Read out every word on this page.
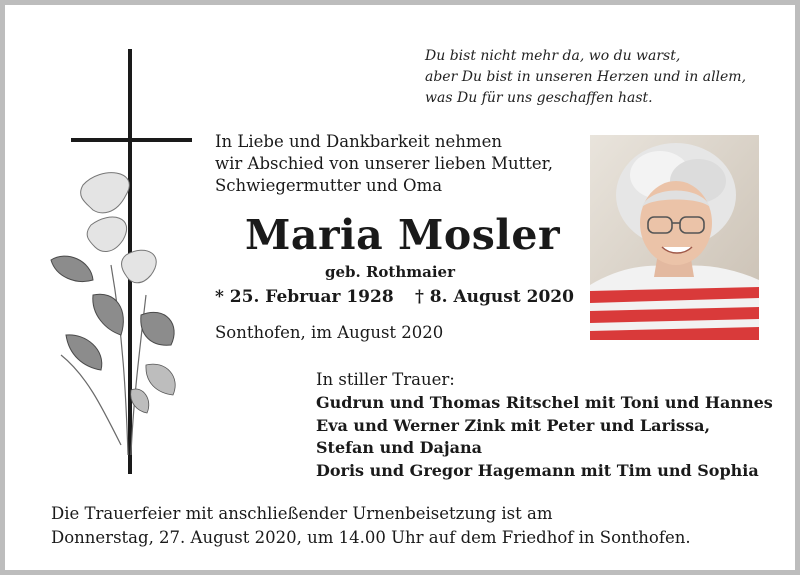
Du bist nicht mehr da, wo du warst,
aber Du bist in unseren Herzen und in allem,
was Du für uns geschaffen hast.
In Liebe und Dankbarkeit nehmen
wir Abschied von unserer lieben Mutter,
Schwiegermutter und Oma
Maria Mosler
geb. Rothmaier
* 25. Februar 1928 † 8. August 2020
Sonthofen, im August 2020
In stiller Trauer:
Gudrun und Thomas Ritschel mit Toni und Hannes
Eva und Werner Zink mit Peter und Larissa,
Stefan und Dajana
Doris und Gregor Hagemann mit Tim und Sophia
Die Trauerfeier mit anschließender Urnenbeisetzung ist am
Donnerstag, 27. August 2020, um 14.00 Uhr auf dem Friedhof in Sonthofen.
